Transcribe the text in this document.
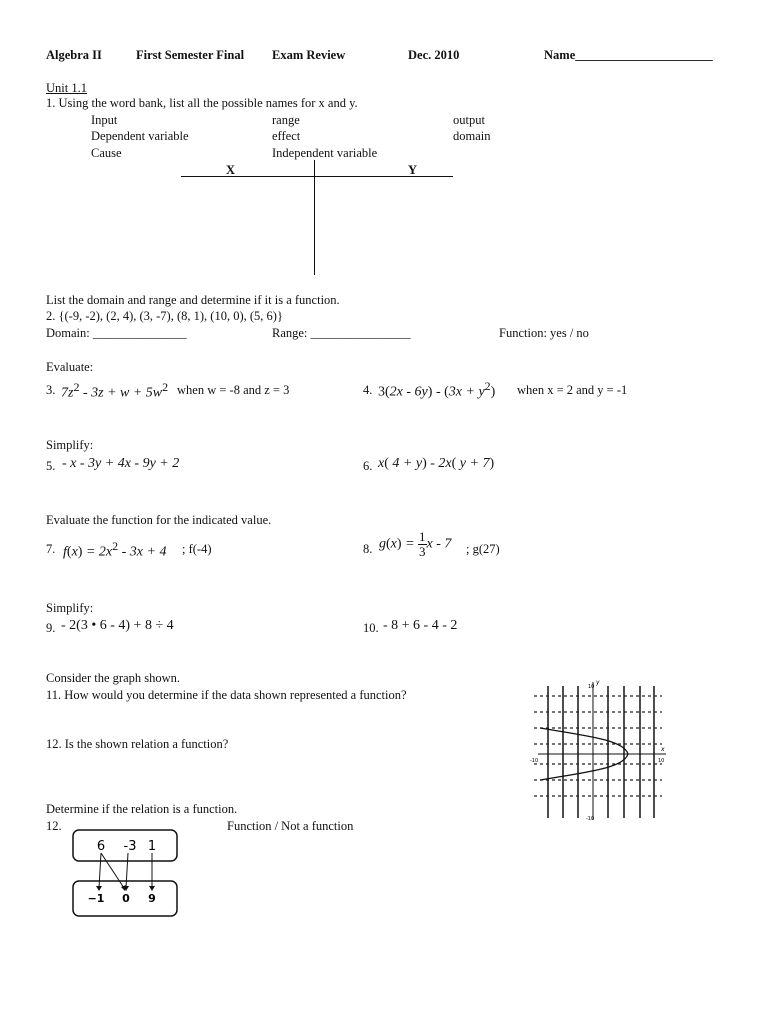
Algebra II	First Semester Final Exam Review	Dec. 2010	Name______________________
Unit 1.1
1. Using the word bank, list all the possible names for x and y.
Input	range	output
Dependent variable	effect	domain
Cause	Independent variable
X	Y
List the domain and range and determine if it is a function.
2. {(-9, -2), (2, 4), (3, -7), (8, 1), (10, 0), (5, 6)}
Domain: _______________	Range: ________________	Function: yes / no
Evaluate:
3. $7z^2 - 3z + w + 5w^2$ when w = -8 and z = 3	4. $3(2x - 6y) - (3x + y^2)$ when x = 2 and y = -1
Simplify:
5. - x - 3y + 4x - 9y + 2	6. x( 4 + y) - 2x( y + 7)
Evaluate the function for the indicated value.
7. $f(x) = 2x^2 - 3x + 4$ ; f(-4)	8. $g(x) = \frac{1}{3}$ x - 7 ; g(27)
Simplify:
9. - 2(3 • 6 - 4) + 8 ÷ 4	10. - 8 + 6 - 4 - 2
Consider the graph shown.
11. How would you determine if the data shown represented a function?
12. Is the shown relation a function?
10
y
x
10
-10
-10
Determine if the relation is a function.
12.	Function / Not a function
6 -3 1
−1 0 9
